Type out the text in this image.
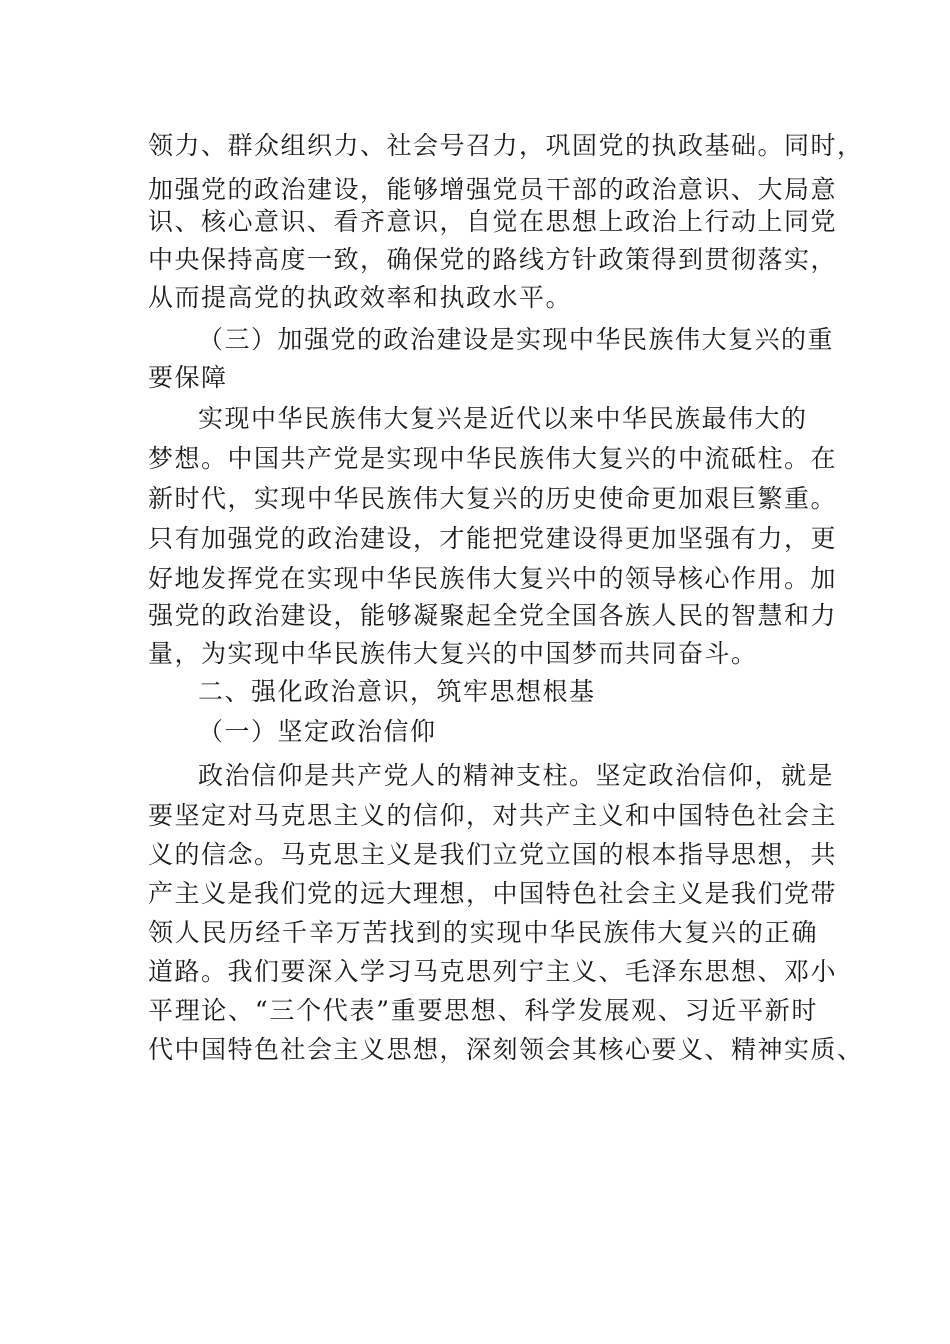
领力、群众组织力、社会号召力，巩固党的执政基础。同时，
加强党的政治建设，能够增强党员干部的政治意识、大局意
识、核心意识、看齐意识，自觉在思想上政治上行动上同党
中央保持高度一致，确保党的路线方针政策得到贯彻落实，
从而提高党的执政效率和执政水平。
（三）加强党的政治建设是实现中华民族伟大复兴的重
要保障
实现中华民族伟大复兴是近代以来中华民族最伟大的
梦想。中国共产党是实现中华民族伟大复兴的中流砥柱。在
新时代，实现中华民族伟大复兴的历史使命更加艰巨繁重。
只有加强党的政治建设，才能把党建设得更加坚强有力，更
好地发挥党在实现中华民族伟大复兴中的领导核心作用。加
强党的政治建设，能够凝聚起全党全国各族人民的智慧和力
量，为实现中华民族伟大复兴的中国梦而共同奋斗。
二、强化政治意识，筑牢思想根基
（一）坚定政治信仰
政治信仰是共产党人的精神支柱。坚定政治信仰，就是
要坚定对马克思主义的信仰，对共产主义和中国特色社会主
义的信念。马克思主义是我们立党立国的根本指导思想，共
产主义是我们党的远大理想，中国特色社会主义是我们党带
领人民历经千辛万苦找到的实现中华民族伟大复兴的正确
道路。我们要深入学习马克思列宁主义、毛泽东思想、邓小
平理论、“三个代表”重要思想、科学发展观、习近平新时
代中国特色社会主义思想，深刻领会其核心要义、精神实质、
